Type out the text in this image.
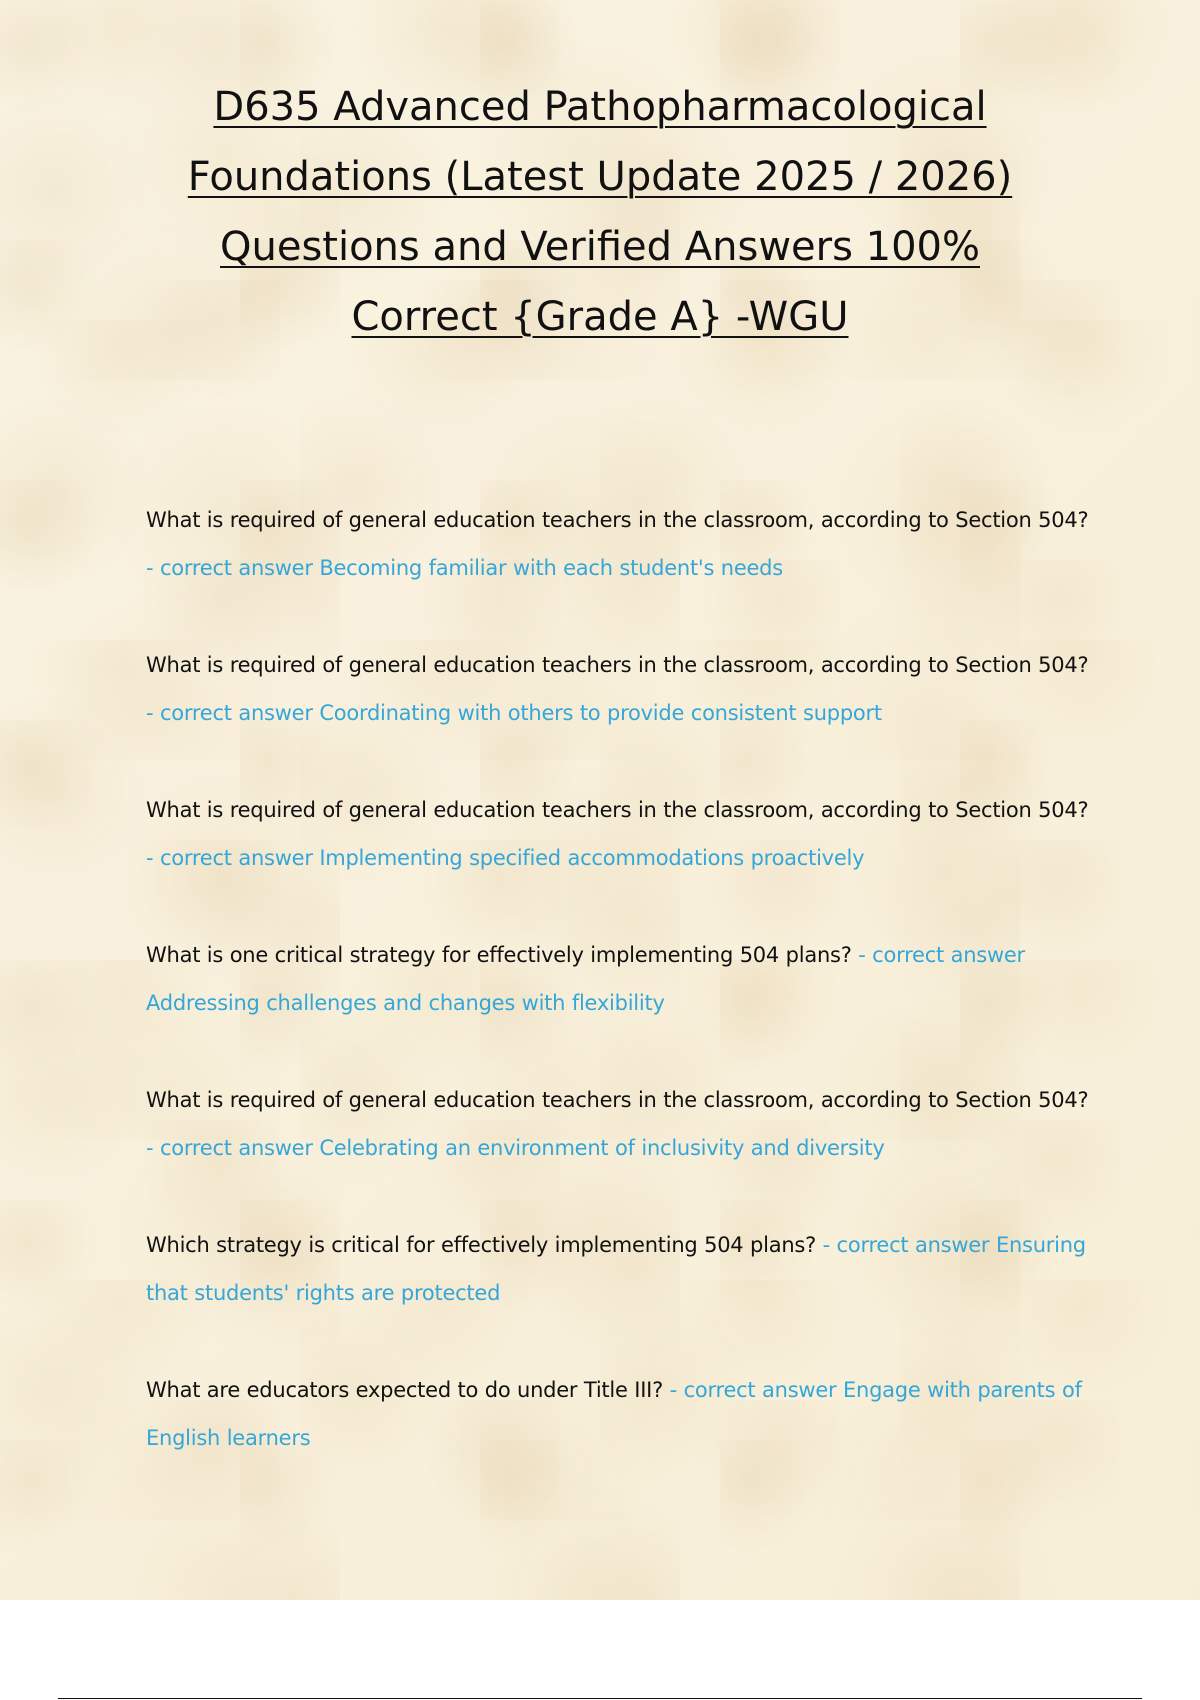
D635 Advanced Pathopharmacological
Foundations (Latest Update 2025 / 2026)
Questions and Verified Answers 100%
Correct {Grade A} -WGU

What is required of general education teachers in the classroom, according to Section 504? - correct answer Becoming familiar with each student's needs

What is required of general education teachers in the classroom, according to Section 504? - correct answer Coordinating with others to provide consistent support

What is required of general education teachers in the classroom, according to Section 504? - correct answer Implementing specified accommodations proactively

What is one critical strategy for effectively implementing 504 plans? - correct answer Addressing challenges and changes with flexibility

What is required of general education teachers in the classroom, according to Section 504? - correct answer Celebrating an environment of inclusivity and diversity

Which strategy is critical for effectively implementing 504 plans? - correct answer Ensuring that students' rights are protected

What are educators expected to do under Title III? - correct answer Engage with parents of English learners
